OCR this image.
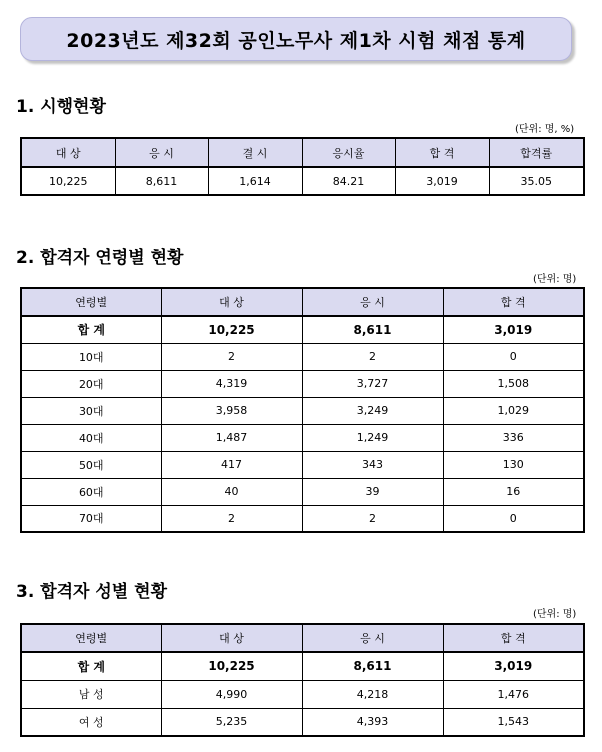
2023년도 제32회 공인노무사 제1차 시험 채점 통계
1. 시행현황
(단위: 명, %)
대 상	응 시	결 시	응시율	합 격	합격률
10,225	8,611	1,614	84.21	3,019	35.05
2. 합격자 연령별 현황
(단위: 명)
연령별	대 상	응 시	합 격
합 계	10,225	8,611	3,019
10대	2	2	0
20대	4,319	3,727	1,508
30대	3,958	3,249	1,029
40대	1,487	1,249	336
50대	417	343	130
60대	40	39	16
70대	2	2	0
3. 합격자 성별 현황
(단위: 명)
연령별	대 상	응 시	합 격
합 계	10,225	8,611	3,019
남 성	4,990	4,218	1,476
여 성	5,235	4,393	1,543
